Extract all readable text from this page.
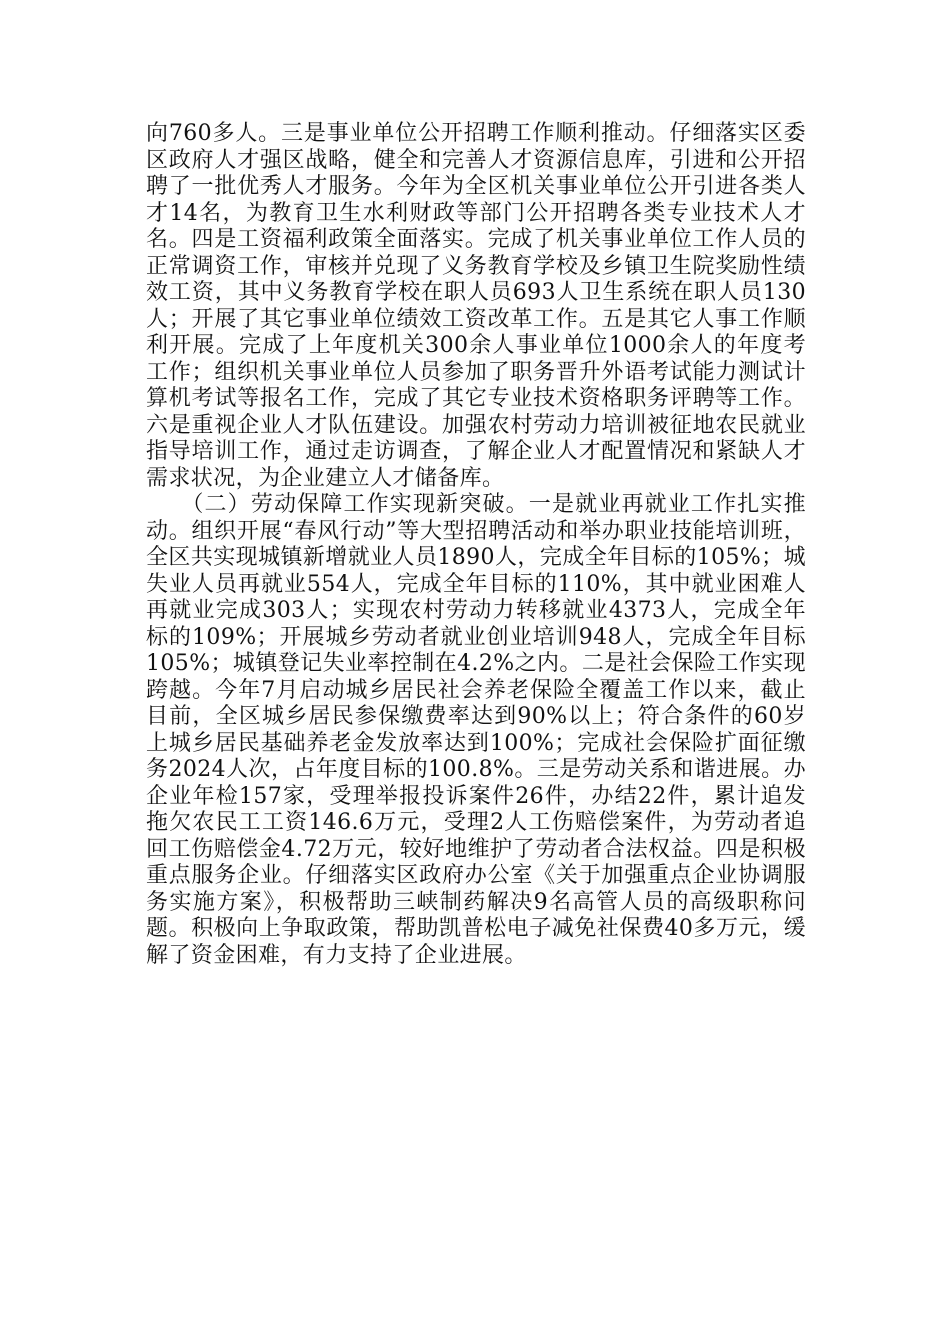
向760多人。三是事业单位公开招聘工作顺利推动。仔细落实区委
区政府人才强区战略，健全和完善人才资源信息库，引进和公开招
聘了一批优秀人才服务。今年为全区机关事业单位公开引进各类人
才14名，为教育卫生水利财政等部门公开招聘各类专业技术人才
名。四是工资福利政策全面落实。完成了机关事业单位工作人员的
正常调资工作，审核并兑现了义务教育学校及乡镇卫生院奖励性绩
效工资，其中义务教育学校在职人员693人卫生系统在职人员130
人；开展了其它事业单位绩效工资改革工作。五是其它人事工作顺
利开展。完成了上年度机关300余人事业单位1000余人的年度考
工作；组织机关事业单位人员参加了职务晋升外语考试能力测试计
算机考试等报名工作，完成了其它专业技术资格职务评聘等工作。
六是重视企业人才队伍建设。加强农村劳动力培训被征地农民就业
指导培训工作，通过走访调查，了解企业人才配置情况和紧缺人才
需求状况，为企业建立人才储备库。
　　（二）劳动保障工作实现新突破。一是就业再就业工作扎实推
动。组织开展“春风行动”等大型招聘活动和举办职业技能培训班，
全区共实现城镇新增就业人员1890人，完成全年目标的105%；城
失业人员再就业554人，完成全年目标的110%，其中就业困难人
再就业完成303人；实现农村劳动力转移就业4373人，完成全年
标的109%；开展城乡劳动者就业创业培训948人，完成全年目标
105%；城镇登记失业率控制在4.2%之内。二是社会保险工作实现
跨越。今年7月启动城乡居民社会养老保险全覆盖工作以来，截止
目前，全区城乡居民参保缴费率达到90%以上；符合条件的60岁
上城乡居民基础养老金发放率达到100%；完成社会保险扩面征缴
务2024人次，占年度目标的100.8%。三是劳动关系和谐进展。办
企业年检157家，受理举报投诉案件26件，办结22件，累计追发
拖欠农民工工资146.6万元，受理2人工伤赔偿案件，为劳动者追
回工伤赔偿金4.72万元，较好地维护了劳动者合法权益。四是积极
重点服务企业。仔细落实区政府办公室《关于加强重点企业协调服
务实施方案》，积极帮助三峡制药解决9名高管人员的高级职称问
题。积极向上争取政策，帮助凯普松电子减免社保费40多万元，缓
解了资金困难，有力支持了企业进展。
